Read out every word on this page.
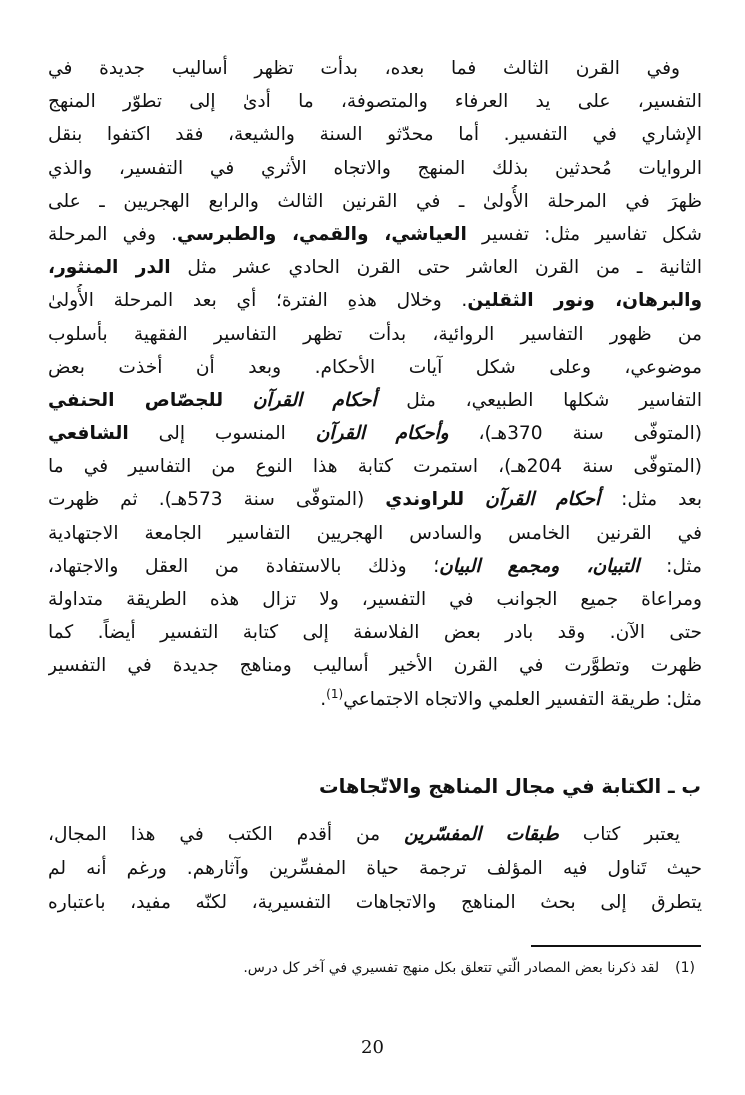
وفي القرن الثالث فما بعده، بدأت تظهر أساليب جديدة في
التفسير، على يد العرفاء والمتصوفة، ما أدىٰ إلى تطوّر المنهج
الإشاري في التفسير. أما محدّثو السنة والشيعة، فقد اكتفوا بنقل
الروايات مُحدثين بذلك المنهج والاتجاه الأثري في التفسير، والذي
ظهرَ في المرحلة الأُولىٰ ـ في القرنين الثالث والرابع الهجريين ـ على
شكل تفاسير مثل: تفسير العياشي، والقمي، والطبرسي. وفي المرحلة
الثانية ـ من القرن العاشر حتى القرن الحادي عشر مثل الدر المنثور،
والبرهان، ونور الثقلين. وخلال هذهِ الفترة؛ أي بعد المرحلة الأُولىٰ
من ظهور التفاسير الروائية، بدأت تظهر التفاسير الفقهية بأسلوب
موضوعي، وعلى شكل آيات الأحكام. وبعد أن أخذت بعض
التفاسير شكلها الطبيعي، مثل أحكام القرآن للجصّاص الحنفي
(المتوفّى سنة 370هـ)، وأحكام القرآن المنسوب إلى الشافعي
(المتوفّى سنة 204هـ)، استمرت كتابة هذا النوع من التفاسير في ما
بعد مثل: أحكام القرآن للراوندي (المتوفّى سنة 573هـ). ثم ظهرت
في القرنين الخامس والسادس الهجريين التفاسير الجامعة الاجتهادية
مثل: التبيان، ومجمع البيان؛ وذلك بالاستفادة من العقل والاجتهاد،
ومراعاة جميع الجوانب في التفسير، ولا تزال هذه الطريقة متداولة
حتى الآن. وقد بادر بعض الفلاسفة إلى كتابة التفسير أيضاً. كما
ظهرت وتطوَّرت في القرن الأخير أساليب ومناهج جديدة في التفسير
مثل: طريقة التفسير العلمي والاتجاه الاجتماعي$^{(1)}$.
ب ـ الكتابة في مجال المناهج والاتّجاهات
يعتبر كتاب طبقات المفسّرين من أقدم الكتب في هذا المجال،
حيث تَناول فيه المؤلف ترجمة حياة المفسِّرين وآثارهم. ورغم أنه لم
يتطرق إلى بحث المناهج والاتجاهات التفسيرية، لكنّه مفيد، باعتباره
(1)لقد ذكرنا بعض المصادر الّتي تتعلق بكل منهج تفسيري في آخر كل درس.
20
